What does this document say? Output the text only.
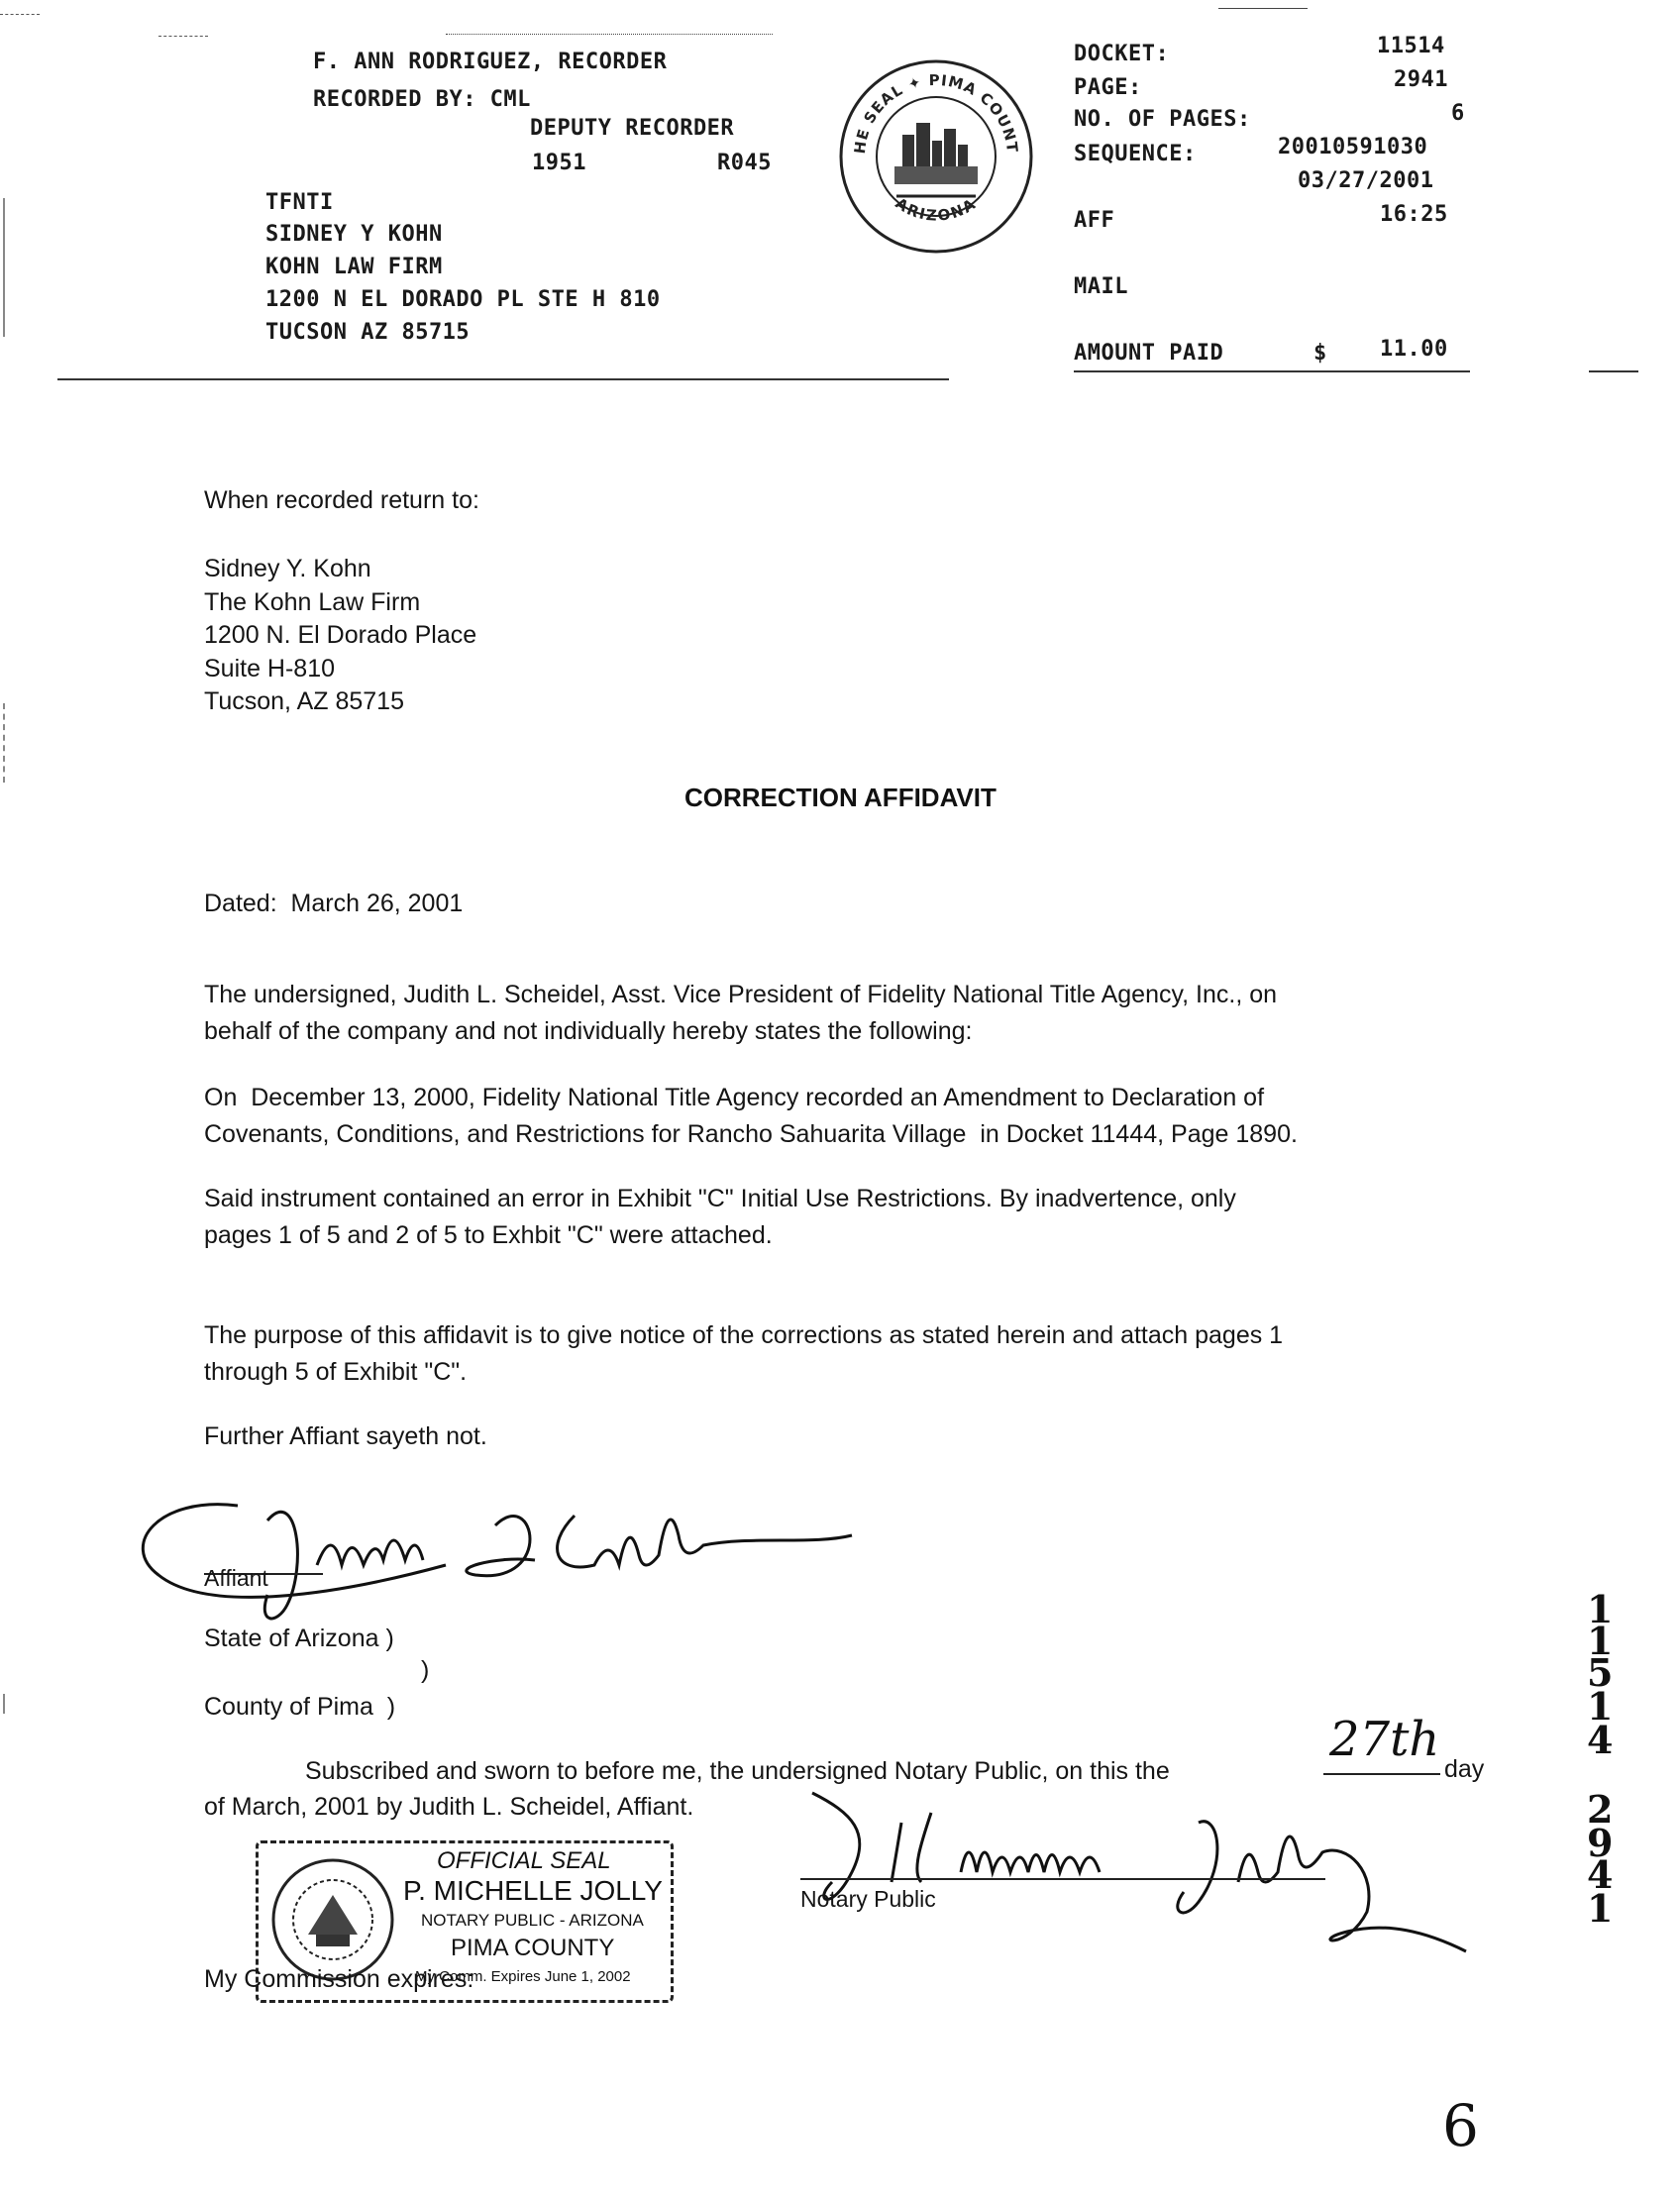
F. ANN RODRIGUEZ, RECORDER
RECORDED BY: CML
DEPUTY RECORDER
1951	R045
TFNTI
SIDNEY Y KOHN
KOHN LAW FIRM
1200 N EL DORADO PL STE H 810
TUCSON AZ 85715
THE SEAL ✦ PIMA COUNTY
ARIZONA
DOCKET:	11514
PAGE:	2941
NO. OF PAGES:	6
SEQUENCE:	20010591030
03/27/2001
AFF	16:25
MAIL
AMOUNT PAID	$ 11.00
When recorded return to:
Sidney Y. Kohn
The Kohn Law Firm
1200 N. El Dorado Place
Suite H-810
Tucson, AZ 85715
CORRECTION AFFIDAVIT
Dated:  March 26, 2001
The undersigned, Judith L. Scheidel, Asst. Vice President of Fidelity National Title Agency, Inc., on
behalf of the company and not individually hereby states the following:
On  December 13, 2000, Fidelity National Title Agency recorded an Amendment to Declaration of
Covenants, Conditions, and Restrictions for Rancho Sahuarita Village  in Docket 11444, Page 1890.
Said instrument contained an error in Exhibit "C" Initial Use Restrictions. By inadvertence, only
pages 1 of 5 and 2 of 5 to Exhbit "C" were attached.
The purpose of this affidavit is to give notice of the corrections as stated herein and attach pages 1
through 5 of Exhibit "C".
Further Affiant sayeth not.
Affiant
State of Arizona )
)
County of Pima  )
Subscribed and sworn to before me, the undersigned Notary Public, on this the
27th
day
of March, 2001 by Judith L. Scheidel, Affiant.
Notary Public
OFFICIAL SEAL
P. MICHELLE JOLLY
NOTARY PUBLIC - ARIZONA
PIMA COUNTY
My Comm. Expires June 1, 2002
My Commission expires:
1
1
5
1
4
2
9
4
1
6
